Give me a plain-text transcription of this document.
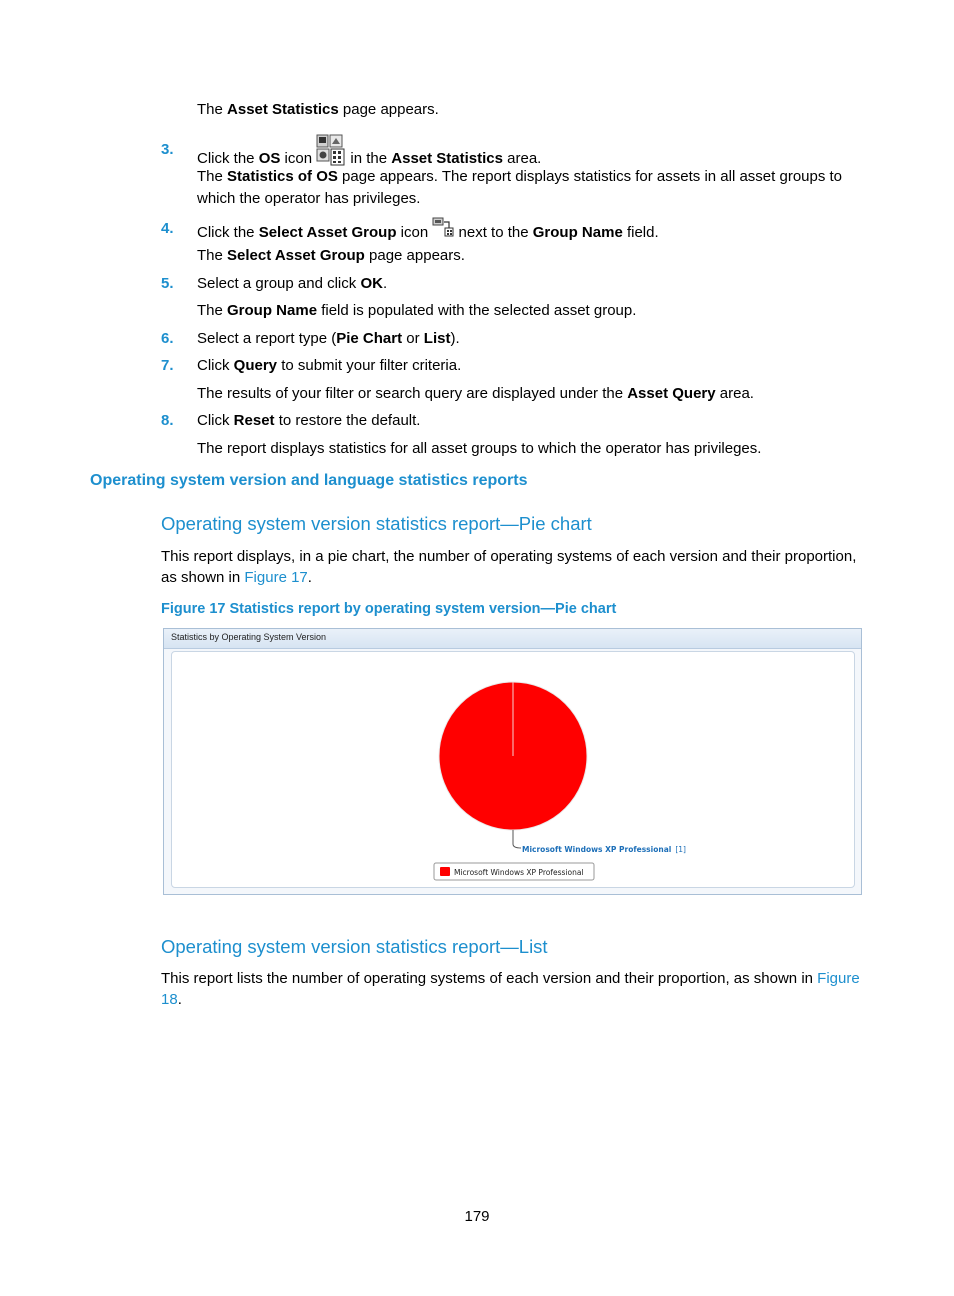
The Asset Statistics page appears.
3.
Click the OS icon  in the Asset Statistics area.
The Statistics of OS page appears. The report displays statistics for assets in all asset groups to
which the operator has privileges.
4. Click the Select Asset Group icon  next to the Group Name field.
The Select Asset Group page appears.
5. Select a group and click OK.
The Group Name field is populated with the selected asset group.
6. Select a report type (Pie Chart or List).
7. Click Query to submit your filter criteria.
The results of your filter or search query are displayed under the Asset Query area.
8. Click Reset to restore the default.
The report displays statistics for all asset groups to which the operator has privileges.
Operating system version and language statistics reports
Operating system version statistics report—Pie chart
This report displays, in a pie chart, the number of operating systems of each version and their proportion,
as shown in Figure 17.
Figure 17 Statistics report by operating system version—Pie chart
Statistics by Operating System Version
Microsoft Windows XP Professional [1]
Microsoft Windows XP Professional
Operating system version statistics report—List
This report lists the number of operating systems of each version and their proportion, as shown in Figure
18.
179
